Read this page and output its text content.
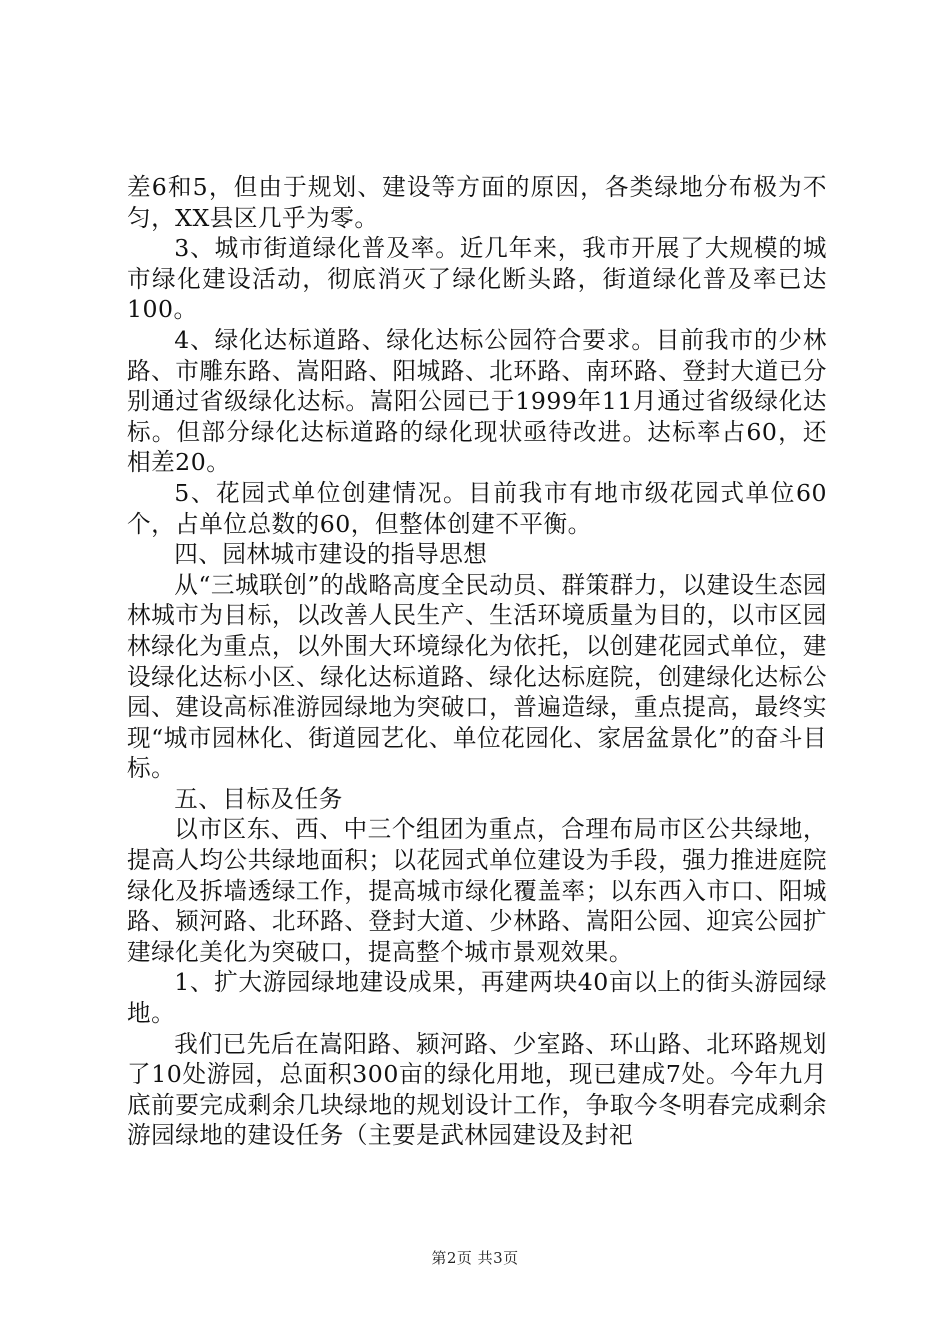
差6和5，但由于规划、建设等方面的原因，各类绿地分布极为不匀，XX县区几乎为零。

3、城市街道绿化普及率。近几年来，我市开展了大规模的城市绿化建设活动，彻底消灭了绿化断头路，街道绿化普及率已达100。

4、绿化达标道路、绿化达标公园符合要求。目前我市的少林路、市雕东路、嵩阳路、阳城路、北环路、南环路、登封大道已分别通过省级绿化达标。嵩阳公园已于1999年11月通过省级绿化达标。但部分绿化达标道路的绿化现状亟待改进。达标率占60，还相差20。

5、花园式单位创建情况。目前我市有地市级花园式单位60个，占单位总数的60，但整体创建不平衡。

四、园林城市建设的指导思想

从“三城联创”的战略高度全民动员、群策群力，以建设生态园林城市为目标，以改善人民生产、生活环境质量为目的，以市区园林绿化为重点，以外围大环境绿化为依托，以创建花园式单位，建设绿化达标小区、绿化达标道路、绿化达标庭院，创建绿化达标公园、建设高标准游园绿地为突破口，普遍造绿，重点提高，最终实现“城市园林化、街道园艺化、单位花园化、家居盆景化”的奋斗目标。

五、目标及任务

以市区东、西、中三个组团为重点，合理布局市区公共绿地，提高人均公共绿地面积；以花园式单位建设为手段，强力推进庭院绿化及拆墙透绿工作，提高城市绿化覆盖率；以东西入市口、阳城路、颍河路、北环路、登封大道、少林路、嵩阳公园、迎宾公园扩建绿化美化为突破口，提高整个城市景观效果。

1、扩大游园绿地建设成果，再建两块40亩以上的街头游园绿地。

我们已先后在嵩阳路、颍河路、少室路、环山路、北环路规划了10处游园，总面积300亩的绿化用地，现已建成7处。今年九月底前要完成剩余几块绿地的规划设计工作，争取今冬明春完成剩余游园绿地的建设任务（主要是武林园建设及封祀

第2页 共3页
